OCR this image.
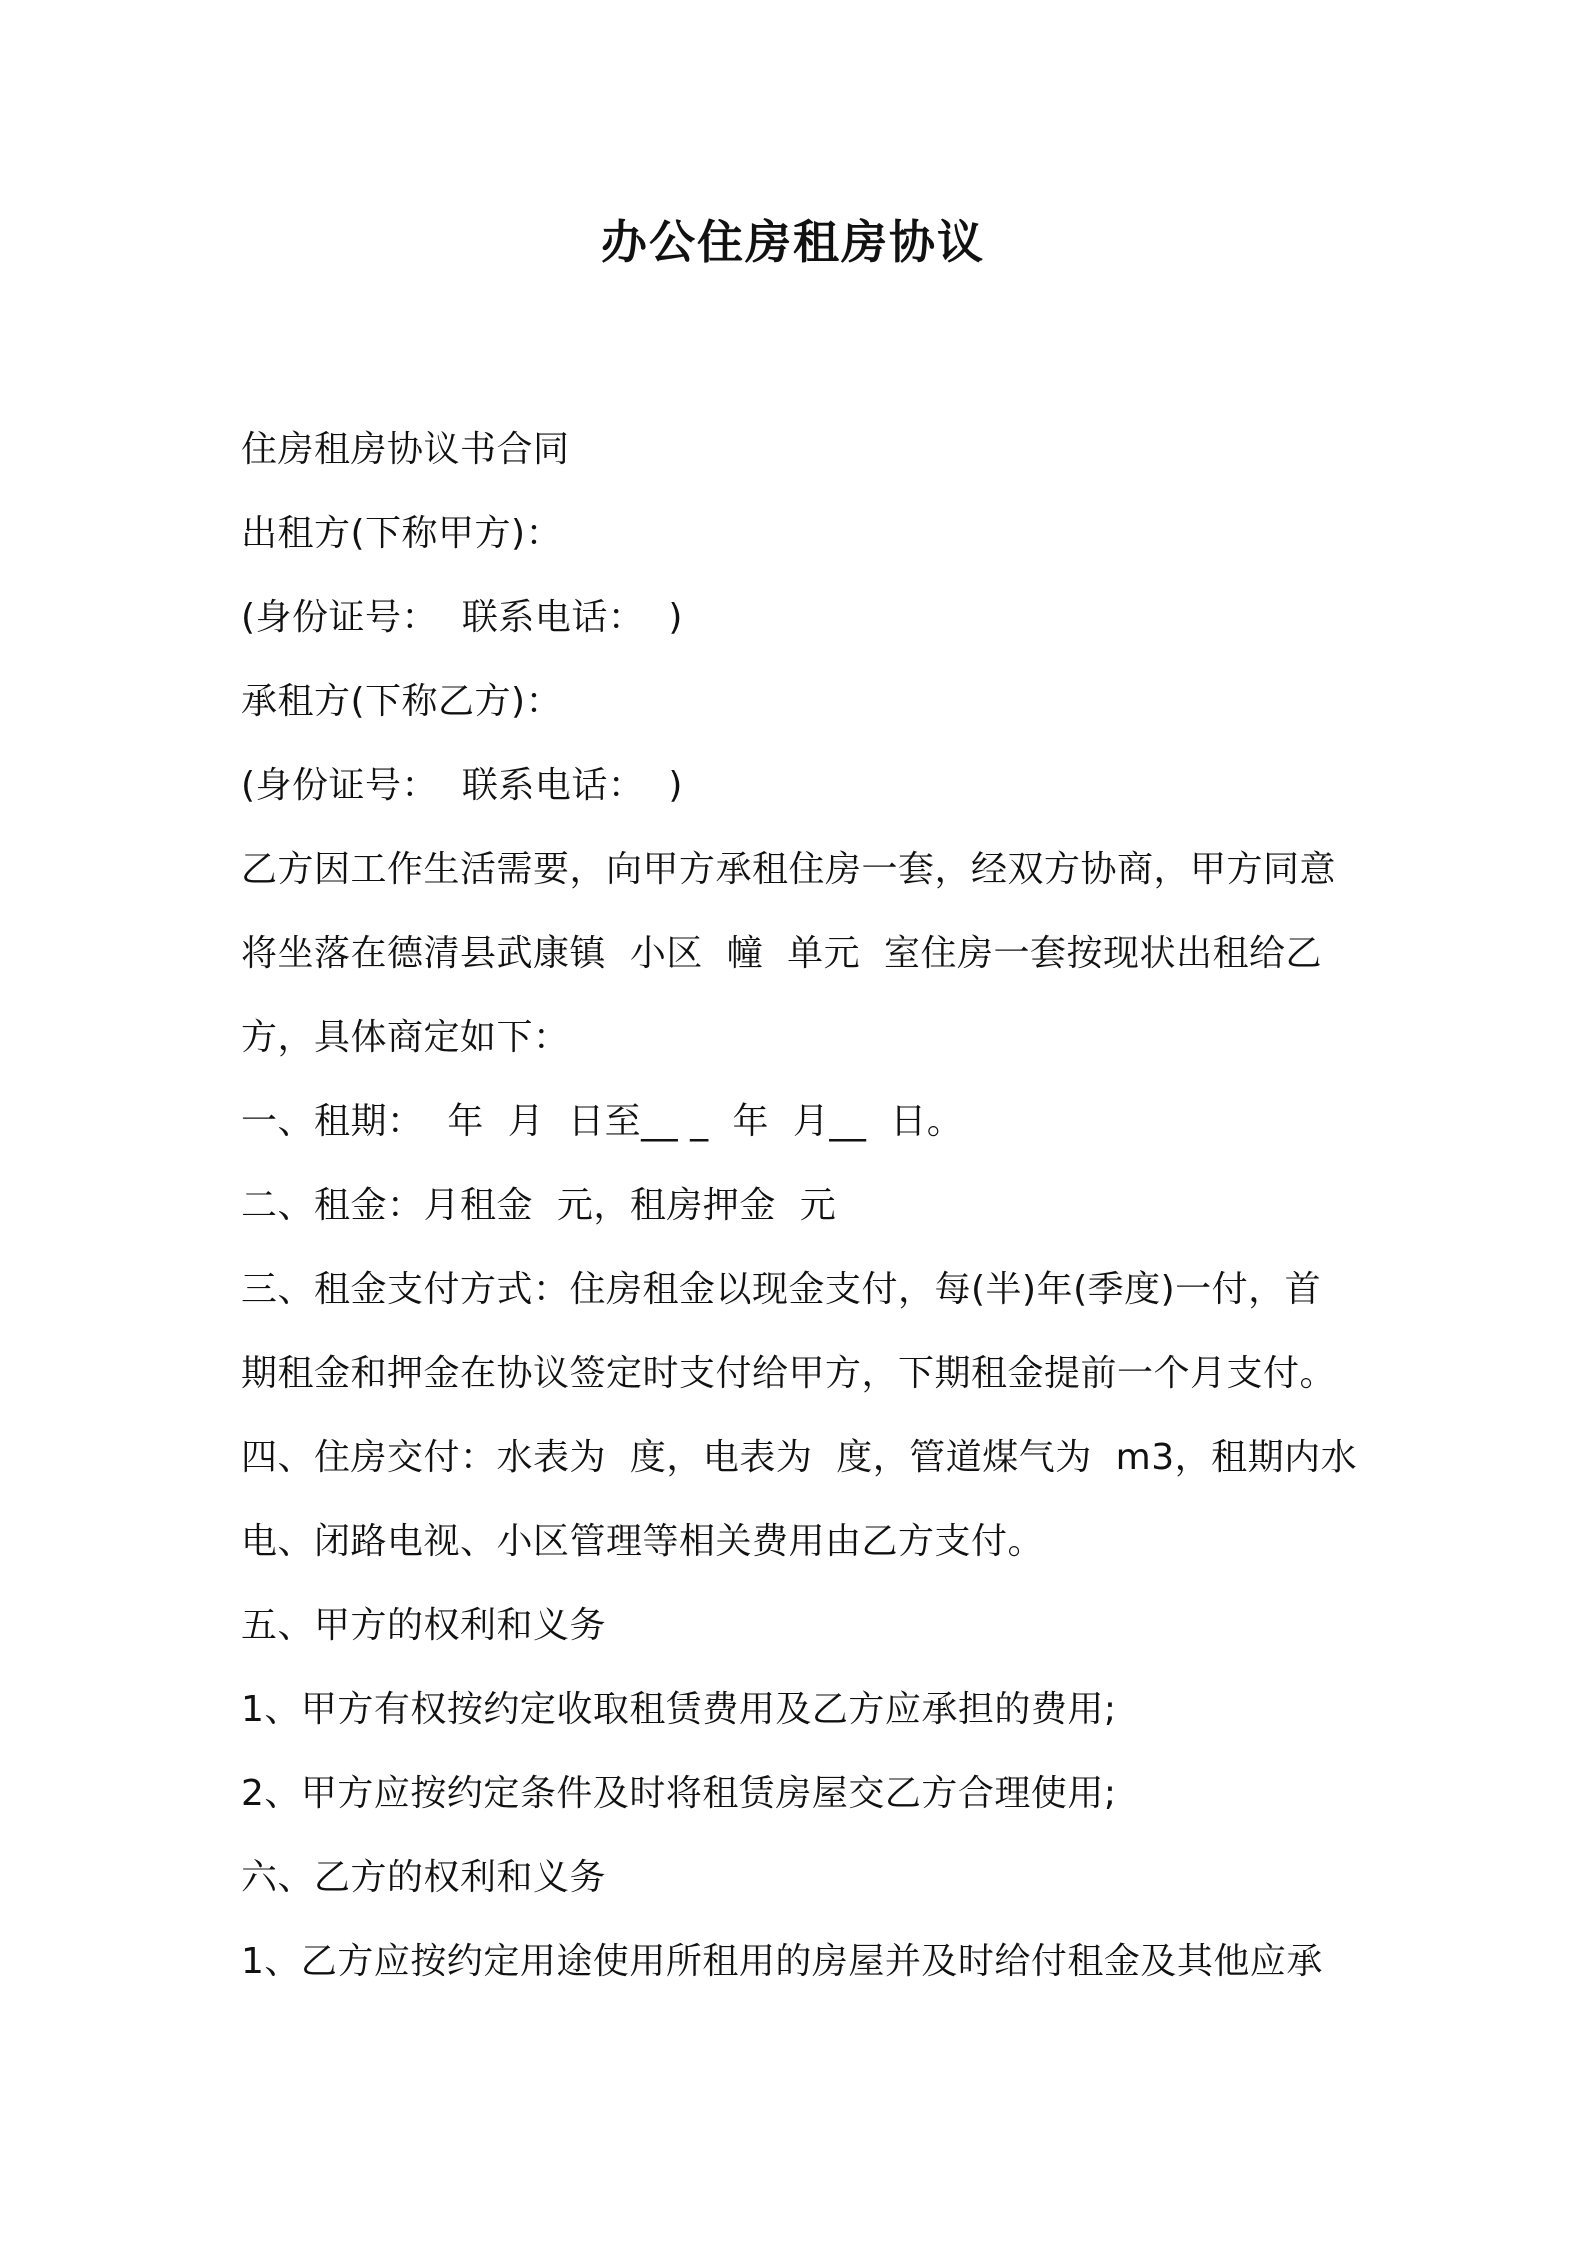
办公住房租房协议

住房租房协议书合同

出租方(下称甲方)：

(身份证号：  联系电话：  )

承租方(下称乙方)：

(身份证号：  联系电话：  )

乙方因工作生活需要，向甲方承租住房一套，经双方协商，甲方同意

将坐落在德清县武康镇  小区  幢  单元  室住房一套按现状出租给乙

方，具体商定如下：

一、租期：  年  月  日至__ _  年  月__  日。

二、租金：月租金  元，租房押金  元

三、租金支付方式：住房租金以现金支付，每(半)年(季度)一付，首

期租金和押金在协议签定时支付给甲方，下期租金提前一个月支付。

四、住房交付：水表为  度，电表为  度，管道煤气为  m3，租期内水

电、闭路电视、小区管理等相关费用由乙方支付。

五、甲方的权利和义务

1、甲方有权按约定收取租赁费用及乙方应承担的费用;

2、甲方应按约定条件及时将租赁房屋交乙方合理使用;

六、乙方的权利和义务

1、乙方应按约定用途使用所租用的房屋并及时给付租金及其他应承
